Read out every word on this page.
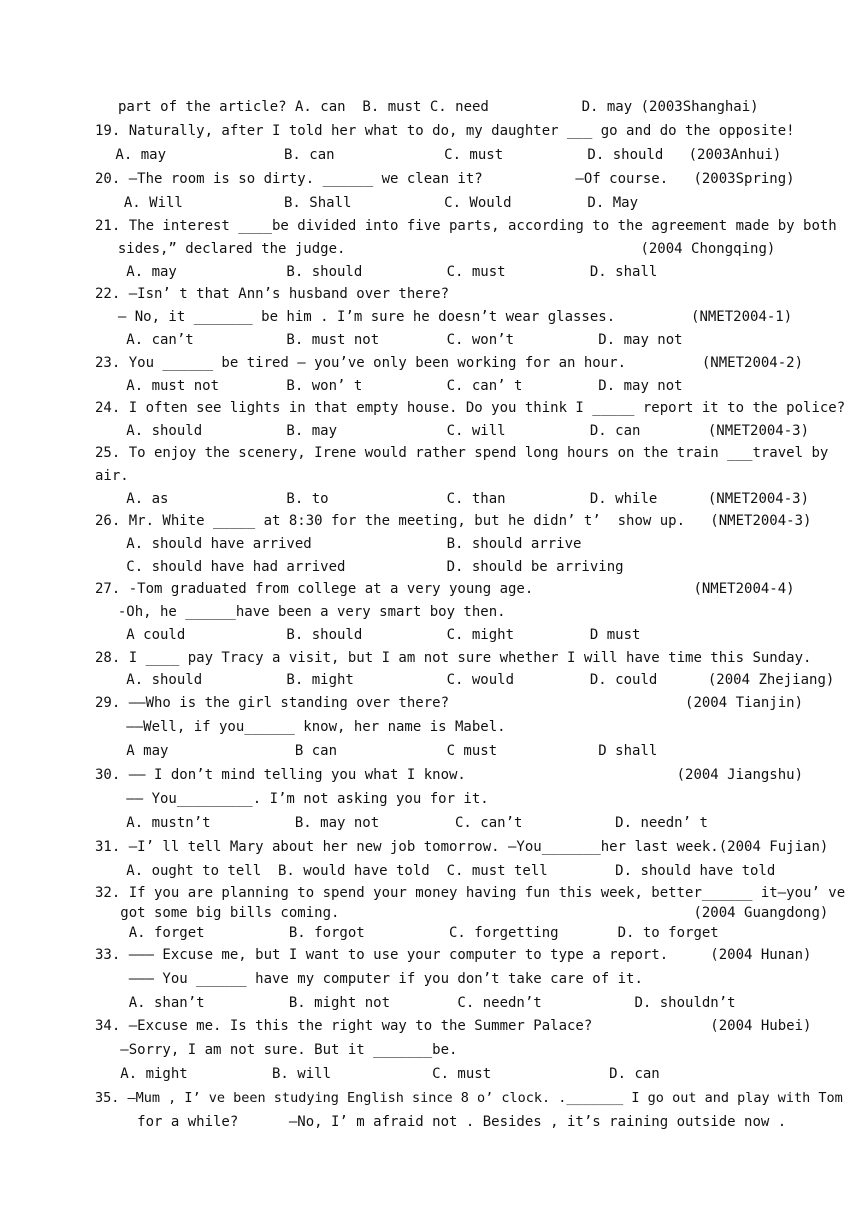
part of the article? A. can  B. must C. need           D. may (2003Shanghai)
19. Naturally, after I told her what to do, my daughter ___ go and do the opposite!
A. may              B. can             C. must          D. should   (2003Anhui)
20. —The room is so dirty. ______ we clean it?           —Of course.   (2003Spring)
A. Will            B. Shall           C. Would         D. May
21. The interest ____be divided into five parts, according to the agreement made by both
sides,” declared the judge.                                   (2004 Chongqing)
A. may             B. should          C. must          D. shall
22. —Isn’ t that Ann’s husband over there?
— No, it _______ be him . I’m sure he doesn’t wear glasses.         (NMET2004-1)
A. can’t           B. must not        C. won’t          D. may not
23. You ______ be tired — you’ve only been working for an hour.         (NMET2004-2)
A. must not        B. won’ t          C. can’ t         D. may not
24. I often see lights in that empty house. Do you think I _____ report it to the police?
A. should          B. may             C. will          D. can        (NMET2004-3)
25. To enjoy the scenery, Irene would rather spend long hours on the train ___travel by
air.
A. as              B. to              C. than          D. while      (NMET2004-3)
26. Mr. White _____ at 8:30 for the meeting, but he didn’ t’  show up.   (NMET2004-3)
A. should have arrived                B. should arrive
C. should have had arrived            D. should be arriving
27. -Tom graduated from college at a very young age.                   (NMET2004-4)
-Oh, he ______have been a very smart boy then.
A could            B. should          C. might         D must
28. I ____ pay Tracy a visit, but I am not sure whether I will have time this Sunday.
A. should          B. might           C. would         D. could      (2004 Zhejiang)
29. ——Who is the girl standing over there?                            (2004 Tianjin)
——Well, if you______ know, her name is Mabel.
A may               B can             C must            D shall
30. —— I don’t mind telling you what I know.                         (2004 Jiangshu)
—— You_________. I’m not asking you for it.
A. mustn’t          B. may not         C. can’t           D. needn’ t
31. —I’ ll tell Mary about her new job tomorrow. —You_______her last week.(2004 Fujian)
A. ought to tell  B. would have told  C. must tell        D. should have told
32. If you are planning to spend your money having fun this week, better______ it—you’ ve
got some big bills coming.                                          (2004 Guangdong)
A. forget          B. forgot          C. forgetting       D. to forget
33. ——— Excuse me, but I want to use your computer to type a report.     (2004 Hunan)
——— You ______ have my computer if you don’t take care of it.
A. shan’t          B. might not        C. needn’t           D. shouldn’t
34. —Excuse me. Is this the right way to the Summer Palace?              (2004 Hubei)
—Sorry, I am not sure. But it _______be.
A. might          B. will            C. must              D. can
35. —Mum , I’ ve been studying English since 8 o’ clock. ._______ I go out and play with Tom
for a while?      —No, I’ m afraid not . Besides , it’s raining outside now .
